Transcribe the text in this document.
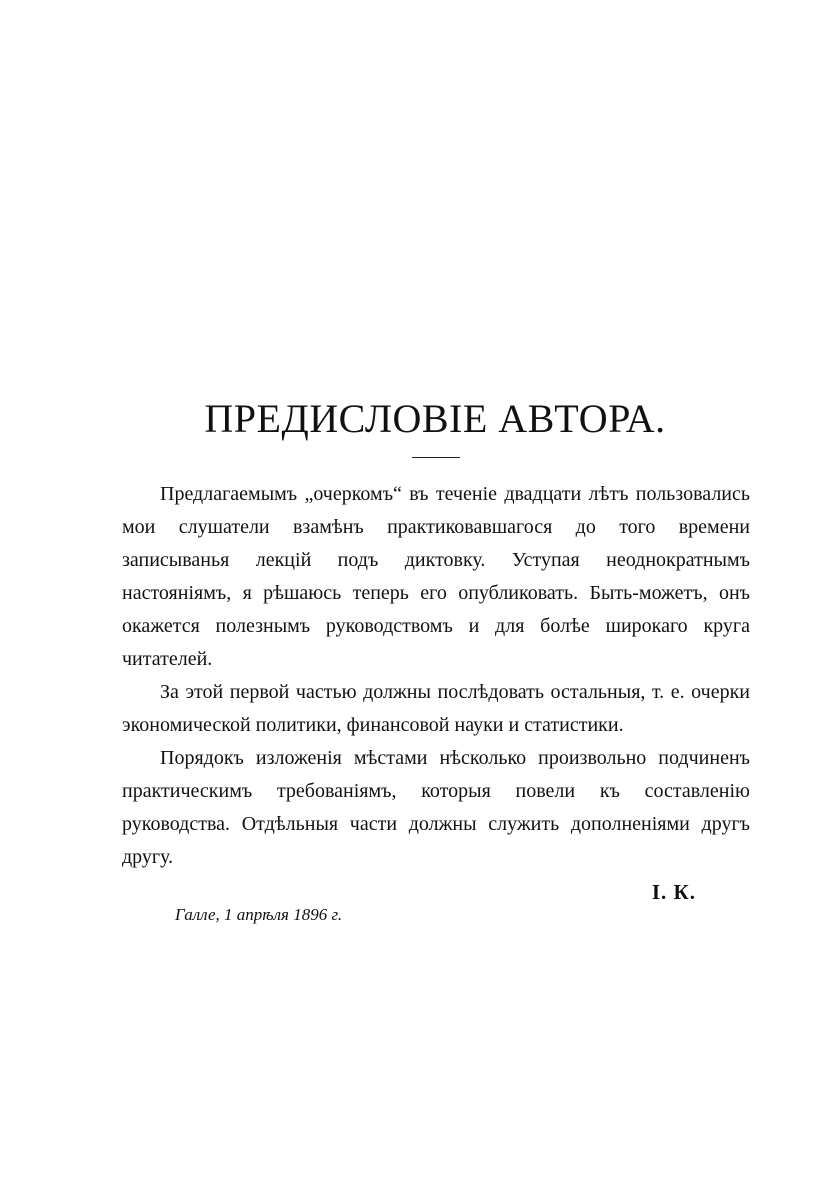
ПРЕДИСЛОВІЕ АВТОРА.

Предлагаемымъ „очеркомъ“ въ теченіе двадцати лѣтъ пользовались мои слушатели взамѣнъ практиковавшагося до того времени записыванья лекцій подъ диктовку. Уступая неоднократнымъ настояніямъ, я рѣшаюсь теперь его опубликовать. Быть-можетъ, онъ окажется полезнымъ руководствомъ и для болѣе широкаго круга читателей.

За этой первой частью должны послѣдовать остальныя, т. е. очерки экономической политики, финансовой науки и статистики.

Порядокъ изложенія мѣстами нѣсколько произвольно подчиненъ практическимъ требованіямъ, которыя повели къ составленію руководства. Отдѣльныя части должны служить дополненіями другъ другу.

I. К.

Галле, 1 апрѣля 1896 г.
